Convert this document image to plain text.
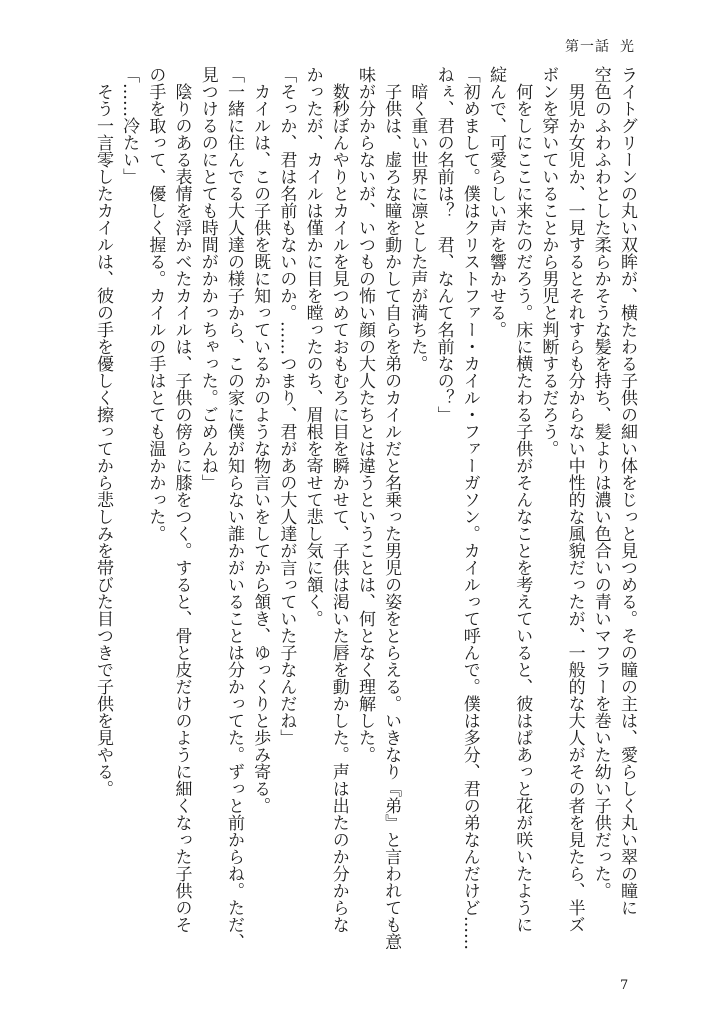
第一話 光
ライトグリーンの丸い双眸が、横たわる子供の細い体をじっと見つめる。その瞳の主は、愛らしく丸い翠の瞳に
空色のふわふわとした柔らかそうな髪を持ち、髪よりは濃い色合いの青いマフラーを巻いた幼い子供だった。
　男児か女児か、一見するとそれすらも分からない中性的な風貌だったが、一般的な大人がその者を見たら、半ズ
ボンを穿いていることから男児と判断するだろう。
　何をしにここに来たのだろう。床に横たわる子供がそんなことを考えていると、彼はぱあっと花が咲いたように
綻んで、可愛らしい声を響かせる。
「初めまして。僕はクリストファー・カイル・ファーガソン。カイルって呼んで。僕は多分、君の弟なんだけど……
ねぇ、君の名前は？　君、なんて名前なの？」
　暗く重い世界に凛とした声が満ちた。
　子供は、虚ろな瞳を動かして自らを弟のカイルだと名乗った男児の姿をとらえる。いきなり『弟』と言われても意
味が分からないが、いつもの怖い顔の大人たちとは違うということは、何となく理解した。
　数秒ぼんやりとカイルを見つめておもむろに目を瞬かせて、子供は渇いた唇を動かした。声は出たのか分からな
かったが、カイルは僅かに目を瞠ったのち、眉根を寄せて悲し気に頷く。
「そっか、君は名前もないのか。……つまり、君があの大人達が言っていた子なんだね」
　カイルは、この子供を既に知っているかのような物言いをしてから頷き、ゆっくりと歩み寄る。
「一緒に住んでる大人達の様子から、この家に僕が知らない誰かがいることは分かってた。ずっと前からね。ただ、
見つけるのにとても時間がかかっちゃった。ごめんね」
　陰りのある表情を浮かべたカイルは、子供の傍らに膝をつく。すると、骨と皮だけのように細くなった子供のそ
の手を取って、優しく握る。カイルの手はとても温かかった。
「……冷たい」
　そう一言零したカイルは、彼の手を優しく擦ってから悲しみを帯びた目つきで子供を見やる。
7
